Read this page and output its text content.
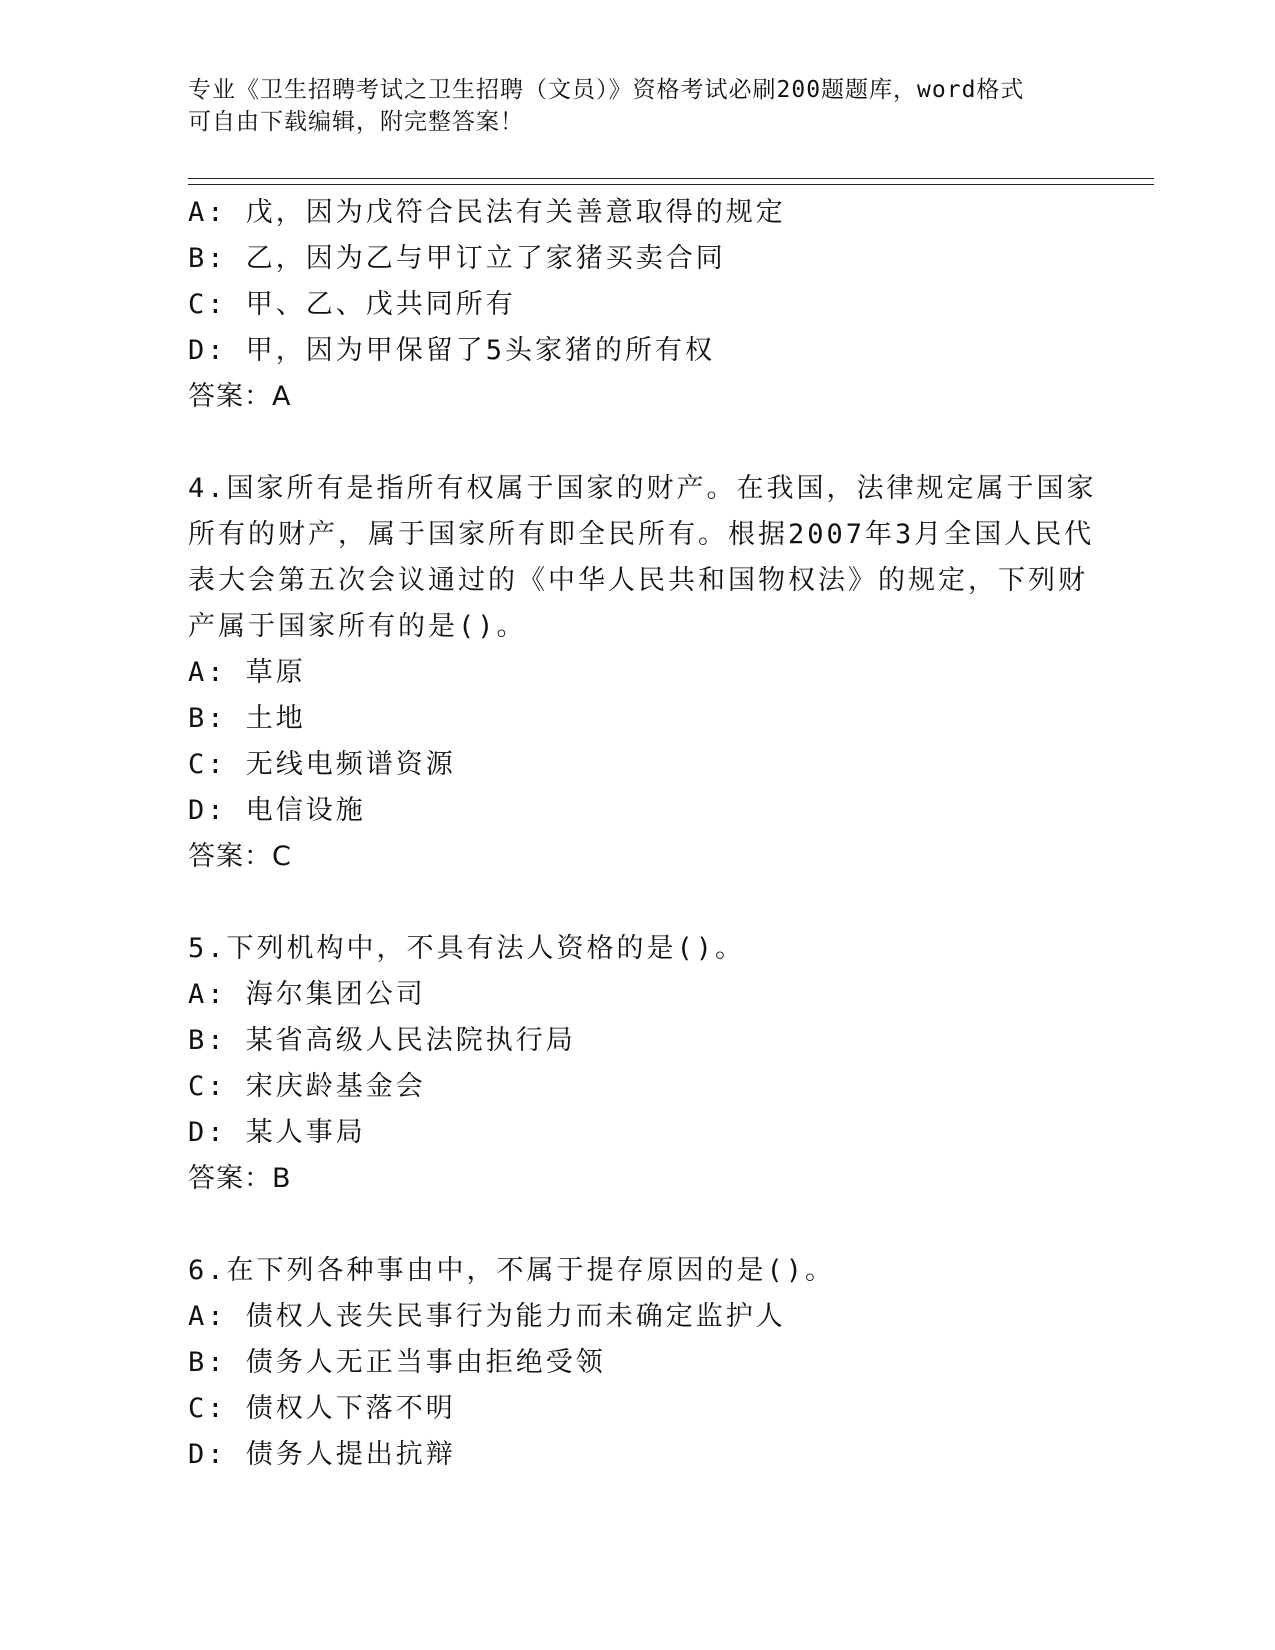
专业《卫生招聘考试之卫生招聘（文员）》资格考试必刷200题题库，word格式
可自由下载编辑，附完整答案！
A: 戊，因为戊符合民法有关善意取得的规定
B: 乙，因为乙与甲订立了家猪买卖合同
C: 甲、乙、戊共同所有
D: 甲，因为甲保留了5头家猪的所有权
答案：A
4.国家所有是指所有权属于国家的财产。在我国，法律规定属于国家
所有的财产，属于国家所有即全民所有。根据2007年3月全国人民代
表大会第五次会议通过的《中华人民共和国物权法》的规定，下列财
产属于国家所有的是()。
A: 草原
B: 土地
C: 无线电频谱资源
D: 电信设施
答案：C
5.下列机构中，不具有法人资格的是()。
A: 海尔集团公司
B: 某省高级人民法院执行局
C: 宋庆龄基金会
D: 某人事局
答案：B
6.在下列各种事由中，不属于提存原因的是()。
A: 债权人丧失民事行为能力而未确定监护人
B: 债务人无正当事由拒绝受领
C: 债权人下落不明
D: 债务人提出抗辩
